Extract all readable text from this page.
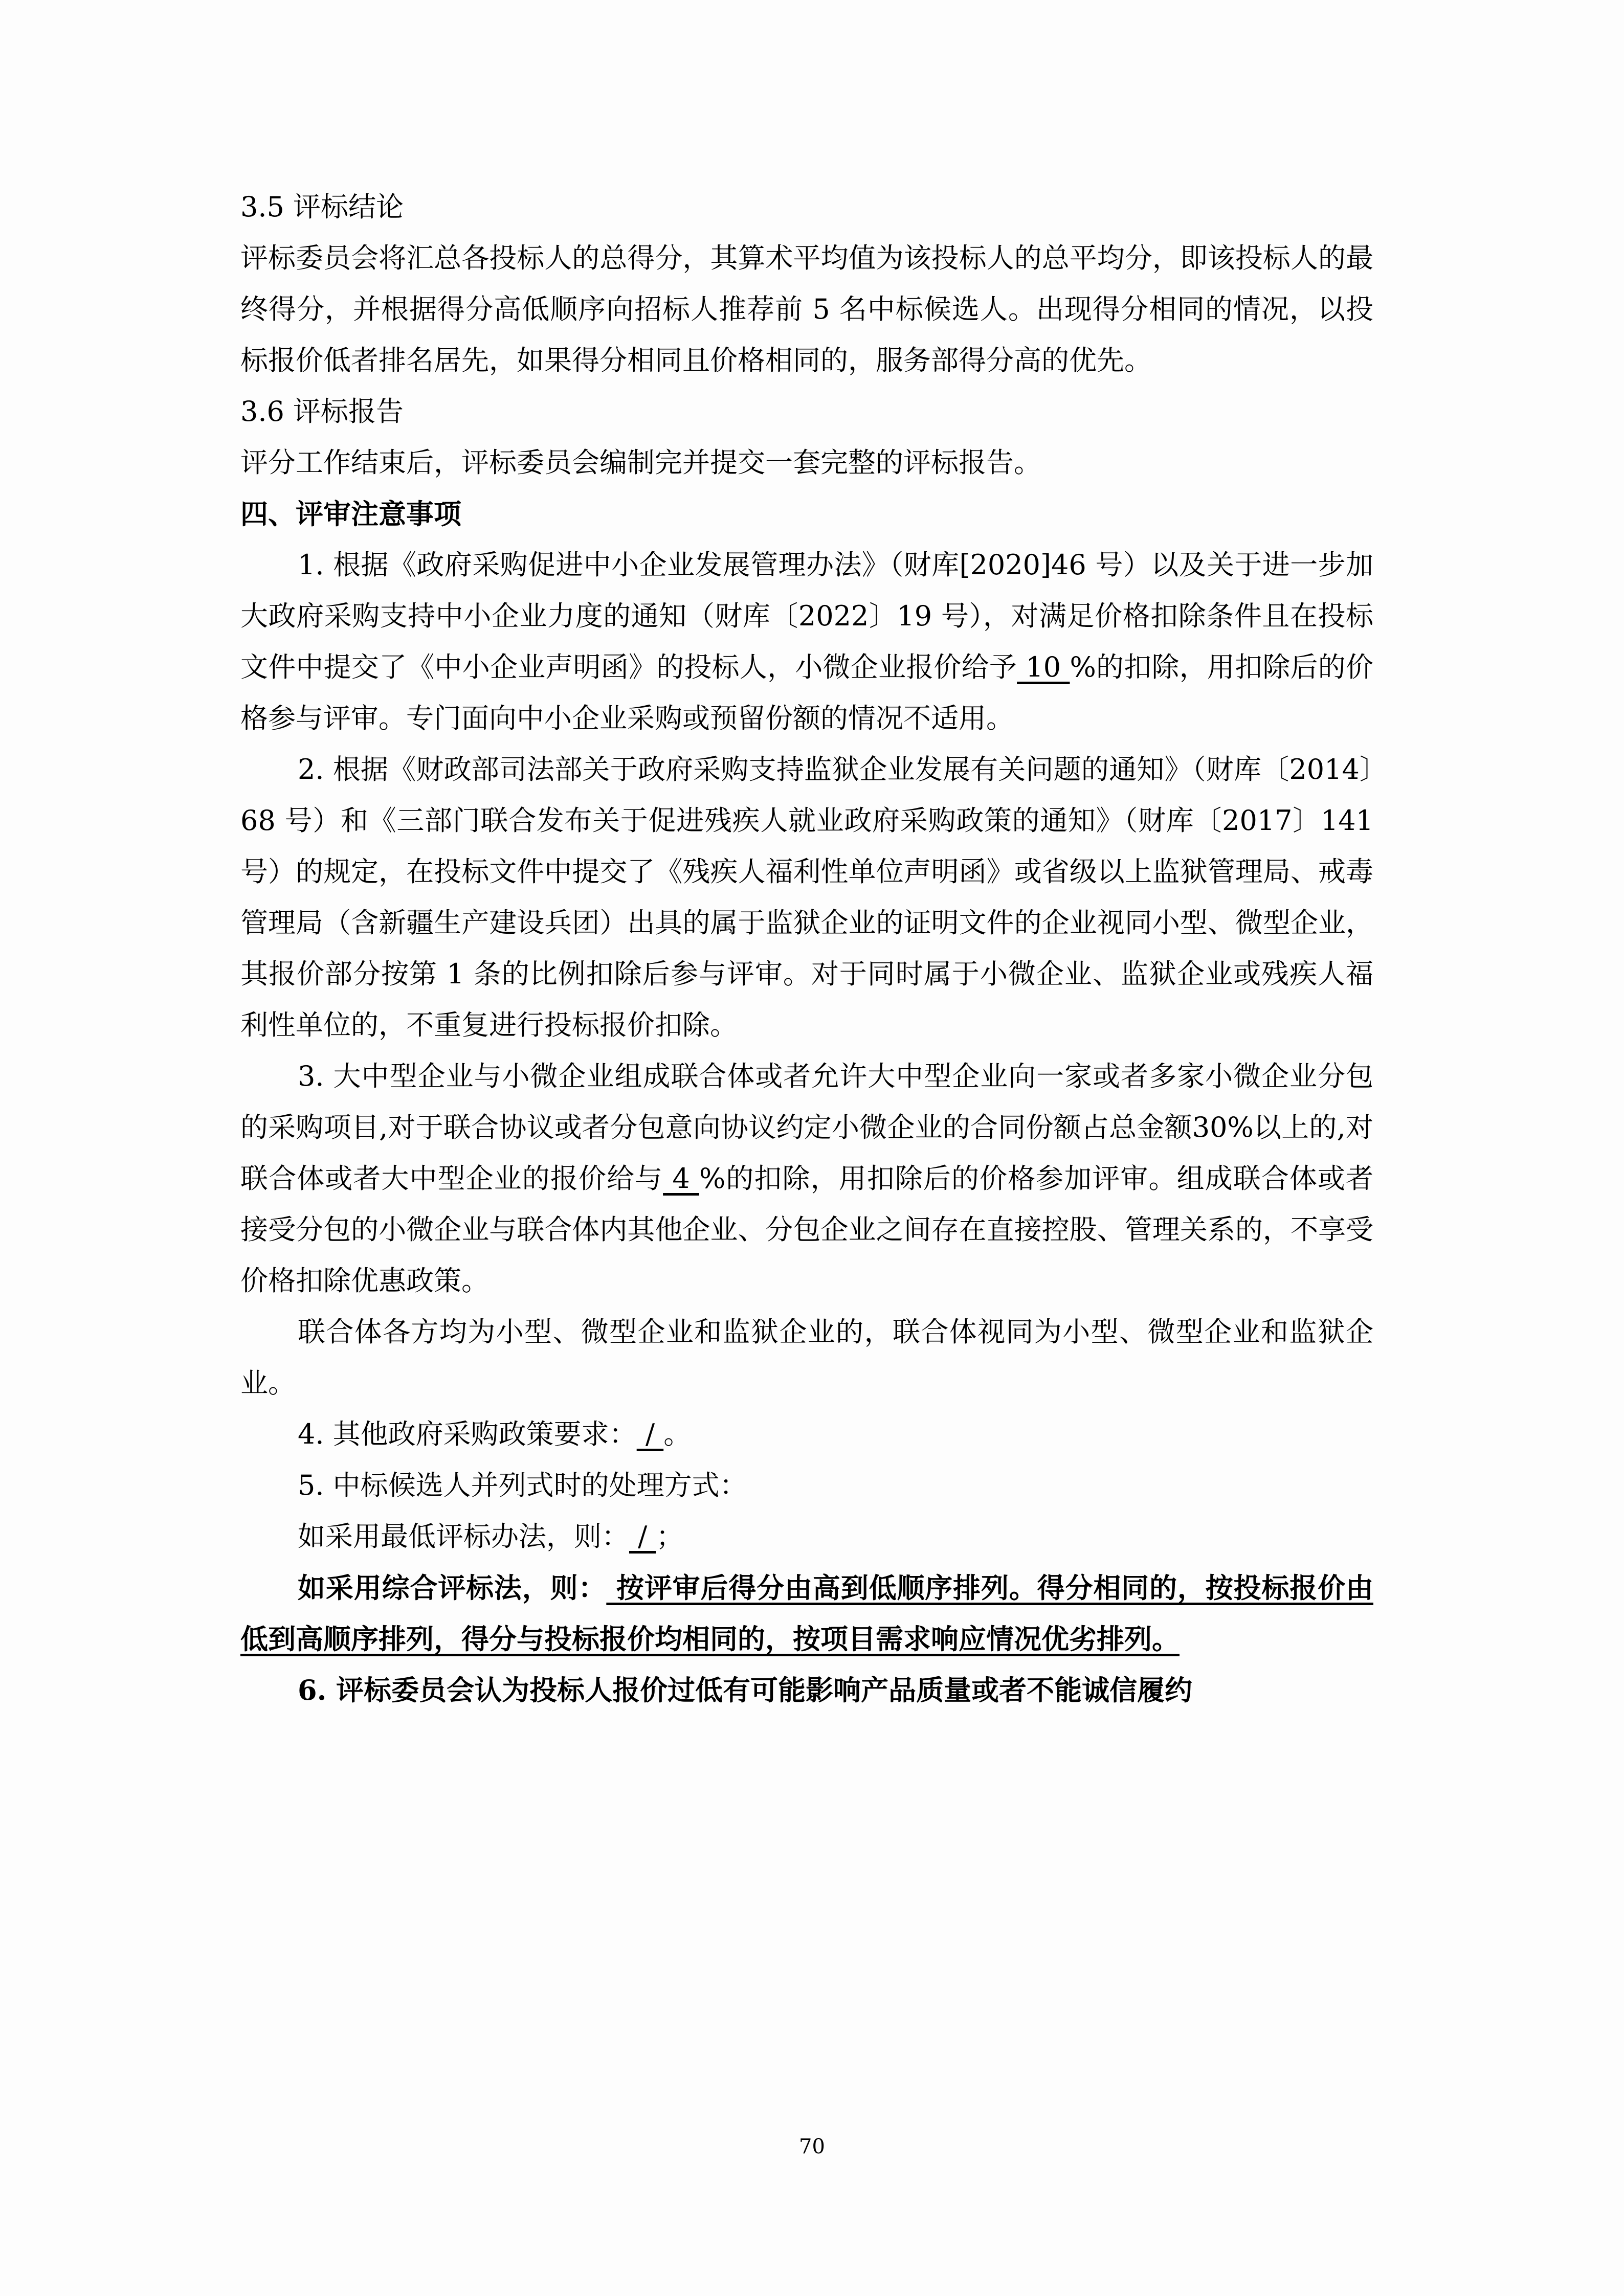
3.5 评标结论
评标委员会将汇总各投标人的总得分，其算术平均值为该投标人的总平均分，即该投标人的最终得分，并根据得分高低顺序向招标人推荐前 5 名中标候选人。出现得分相同的情况，以投标报价低者排名居先，如果得分相同且价格相同的，服务部得分高的优先。
3.6 评标报告
评分工作结束后，评标委员会编制完并提交一套完整的评标报告。
四、评审注意事项
1. 根据《政府采购促进中小企业发展管理办法》（财库[2020]46 号）以及关于进一步加大政府采购支持中小企业力度的通知（财库〔2022〕19 号），对满足价格扣除条件且在投标文件中提交了《中小企业声明函》的投标人，小微企业报价给予 10 %的扣除，用扣除后的价格参与评审。专门面向中小企业采购或预留份额的情况不适用。
2. 根据《财政部司法部关于政府采购支持监狱企业发展有关问题的通知》（财库〔2014〕68 号）和《三部门联合发布关于促进残疾人就业政府采购政策的通知》（财库〔2017〕141 号）的规定，在投标文件中提交了《残疾人福利性单位声明函》或省级以上监狱管理局、戒毒管理局（含新疆生产建设兵团）出具的属于监狱企业的证明文件的企业视同小型、微型企业，其报价部分按第 1 条的比例扣除后参与评审。对于同时属于小微企业、监狱企业或残疾人福利性单位的，不重复进行投标报价扣除。
3. 大中型企业与小微企业组成联合体或者允许大中型企业向一家或者多家小微企业分包的采购项目,对于联合协议或者分包意向协议约定小微企业的合同份额占总金额30%以上的,对联合体或者大中型企业的报价给与 4 %的扣除，用扣除后的价格参加评审。组成联合体或者接受分包的小微企业与联合体内其他企业、分包企业之间存在直接控股、管理关系的，不享受价格扣除优惠政策。
联合体各方均为小型、微型企业和监狱企业的，联合体视同为小型、微型企业和监狱企业。
4. 其他政府采购政策要求： / 。
5. 中标候选人并列式时的处理方式：
如采用最低评标办法，则： / ；
如采用综合评标法，则： 按评审后得分由高到低顺序排列。得分相同的，按投标报价由低到高顺序排列，得分与投标报价均相同的，按项目需求响应情况优劣排列。
6. 评标委员会认为投标人报价过低有可能影响产品质量或者不能诚信履约
70
